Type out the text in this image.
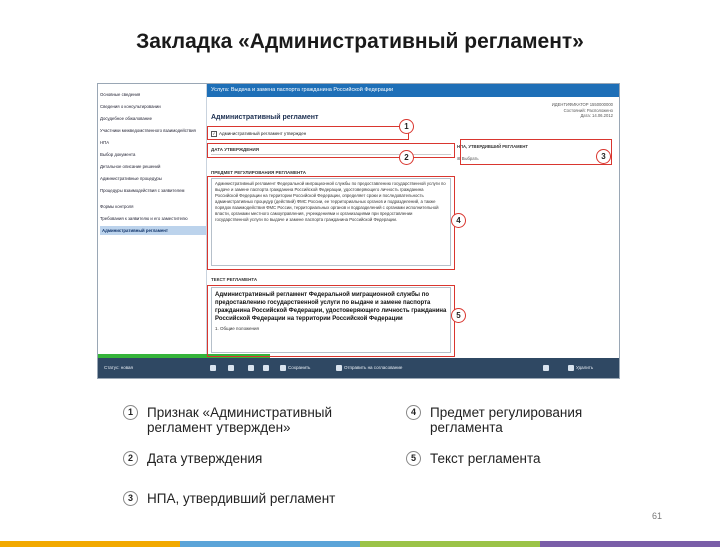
Закладка «Административный регламент»
Основные сведения
Сведения о консультировании
Досудебное обжалование
Участники межведомственного взаимодействия
НПА
Выбор документа
Детальное описание решений
Административные процедуры
Процедуры взаимодействия с заявителем
Формы контроля
Требования к заявителю и его заместителю
Административный регламент
Услуга: Выдача и замена паспорта гражданина Российской Федерации
ИДЕНТИФИКАТОР 1550000000
Состояний: Расположено
Дата: 14.06.2012
Административный регламент
✓ Административный регламент утвержден
ДАТА УТВЕРЖДЕНИЯ
НПА, УТВЕРДИВШИЙ РЕГЛАМЕНТ
⊞ Выбрать
ПРЕДМЕТ РЕГУЛИРОВАНИЯ РЕГЛАМЕНТА
Административный регламент Федеральной миграционной службы по предоставлению государственной услуги по выдаче и замене паспорта гражданина Российской Федерации, удостоверяющего личность гражданина Российской Федерации на территории Российской Федерации, определяет сроки и последовательность административных процедур (действий) ФМС России, ее территориальных органов и подразделений, а также порядок взаимодействия ФМС России, территориальных органов и подразделений с органами исполнительной власти, органами местного самоуправления, учреждениями и организациями при предоставлении государственной услуги по выдаче и замене паспорта гражданина Российской Федерации.
ТЕКСТ РЕГЛАМЕНТА
Административный регламент Федеральной миграционной службы по предоставлению государственной услуги по выдаче и замене паспорта гражданина Российской Федерации, удостоверяющего личность гражданина Российской Федерации на территории Российской Федерации
1. Общие положения
Статус: новая	Сохранить	Отправить на согласование	Удалить
1
2	3
4
5
1	Признак «Административный регламент утвержден»
2	Дата утверждения
3	НПА, утвердивший регламент
4	Предмет регулирования регламента
5	Текст регламента
61
